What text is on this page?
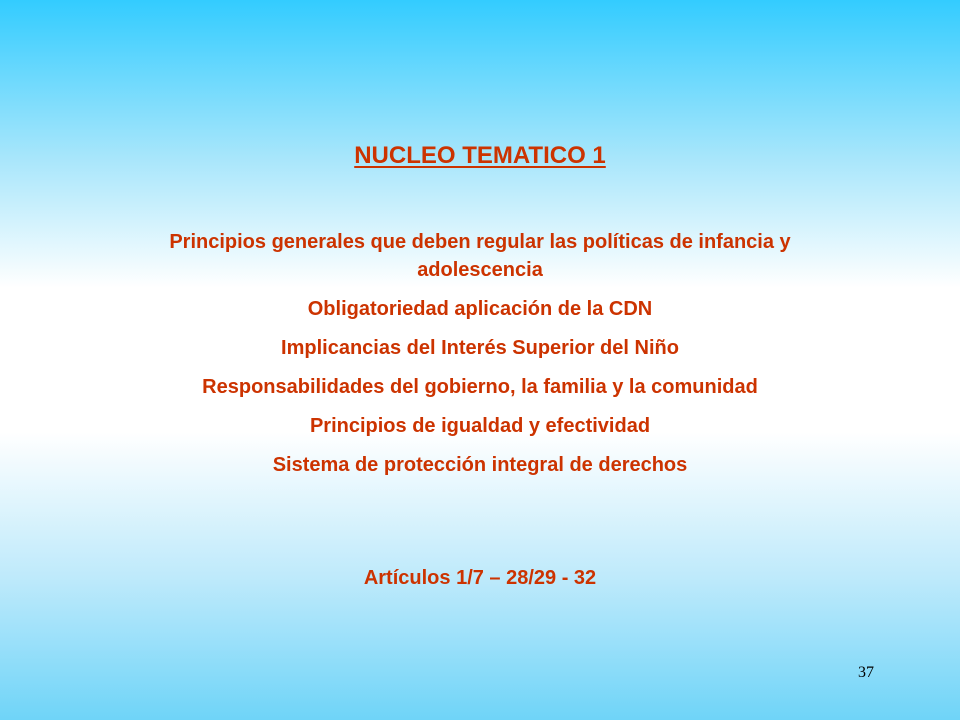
NUCLEO TEMATICO 1
Principios generales que deben regular las políticas de infancia y adolescencia
Obligatoriedad aplicación de la CDN
Implicancias del Interés Superior del Niño
Responsabilidades del gobierno, la familia y la comunidad
Principios de igualdad y efectividad
Sistema de protección integral de derechos
Artículos 1/7 – 28/29 - 32
37
